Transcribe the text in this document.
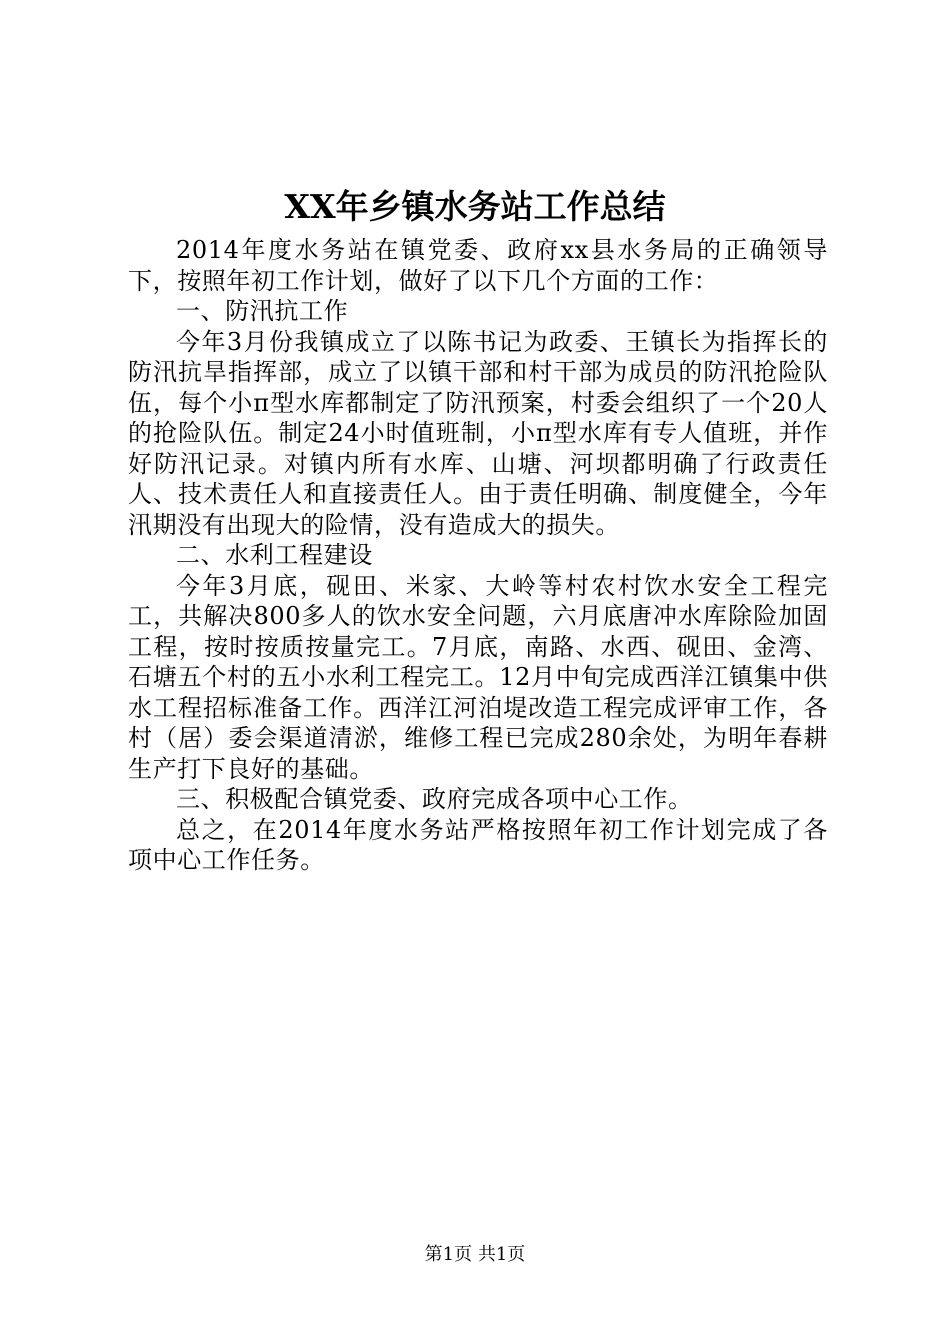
XX年乡镇水务站工作总结

2014年度水务站在镇党委、政府xx县水务局的正确领导下，按照年初工作计划，做好了以下几个方面的工作：

一、防汛抗工作

今年3月份我镇成立了以陈书记为政委、王镇长为指挥长的防汛抗旱指挥部，成立了以镇干部和村干部为成员的防汛抢险队伍，每个小π型水库都制定了防汛预案，村委会组织了一个20人的抢险队伍。制定24小时值班制，小π型水库有专人值班，并作好防汛记录。对镇内所有水库、山塘、河坝都明确了行政责任人、技术责任人和直接责任人。由于责任明确、制度健全，今年汛期没有出现大的险情，没有造成大的损失。

二、水利工程建设

今年3月底，砚田、米家、大岭等村农村饮水安全工程完工，共解决800多人的饮水安全问题，六月底唐冲水库除险加固工程，按时按质按量完工。7月底，南路、水西、砚田、金湾、石塘五个村的五小水利工程完工。12月中旬完成西洋江镇集中供水工程招标准备工作。西洋江河泊堤改造工程完成评审工作，各村（居）委会渠道清淤，维修工程已完成280余处，为明年春耕生产打下良好的基础。

三、积极配合镇党委、政府完成各项中心工作。

总之，在2014年度水务站严格按照年初工作计划完成了各项中心工作任务。

第1页 共1页
